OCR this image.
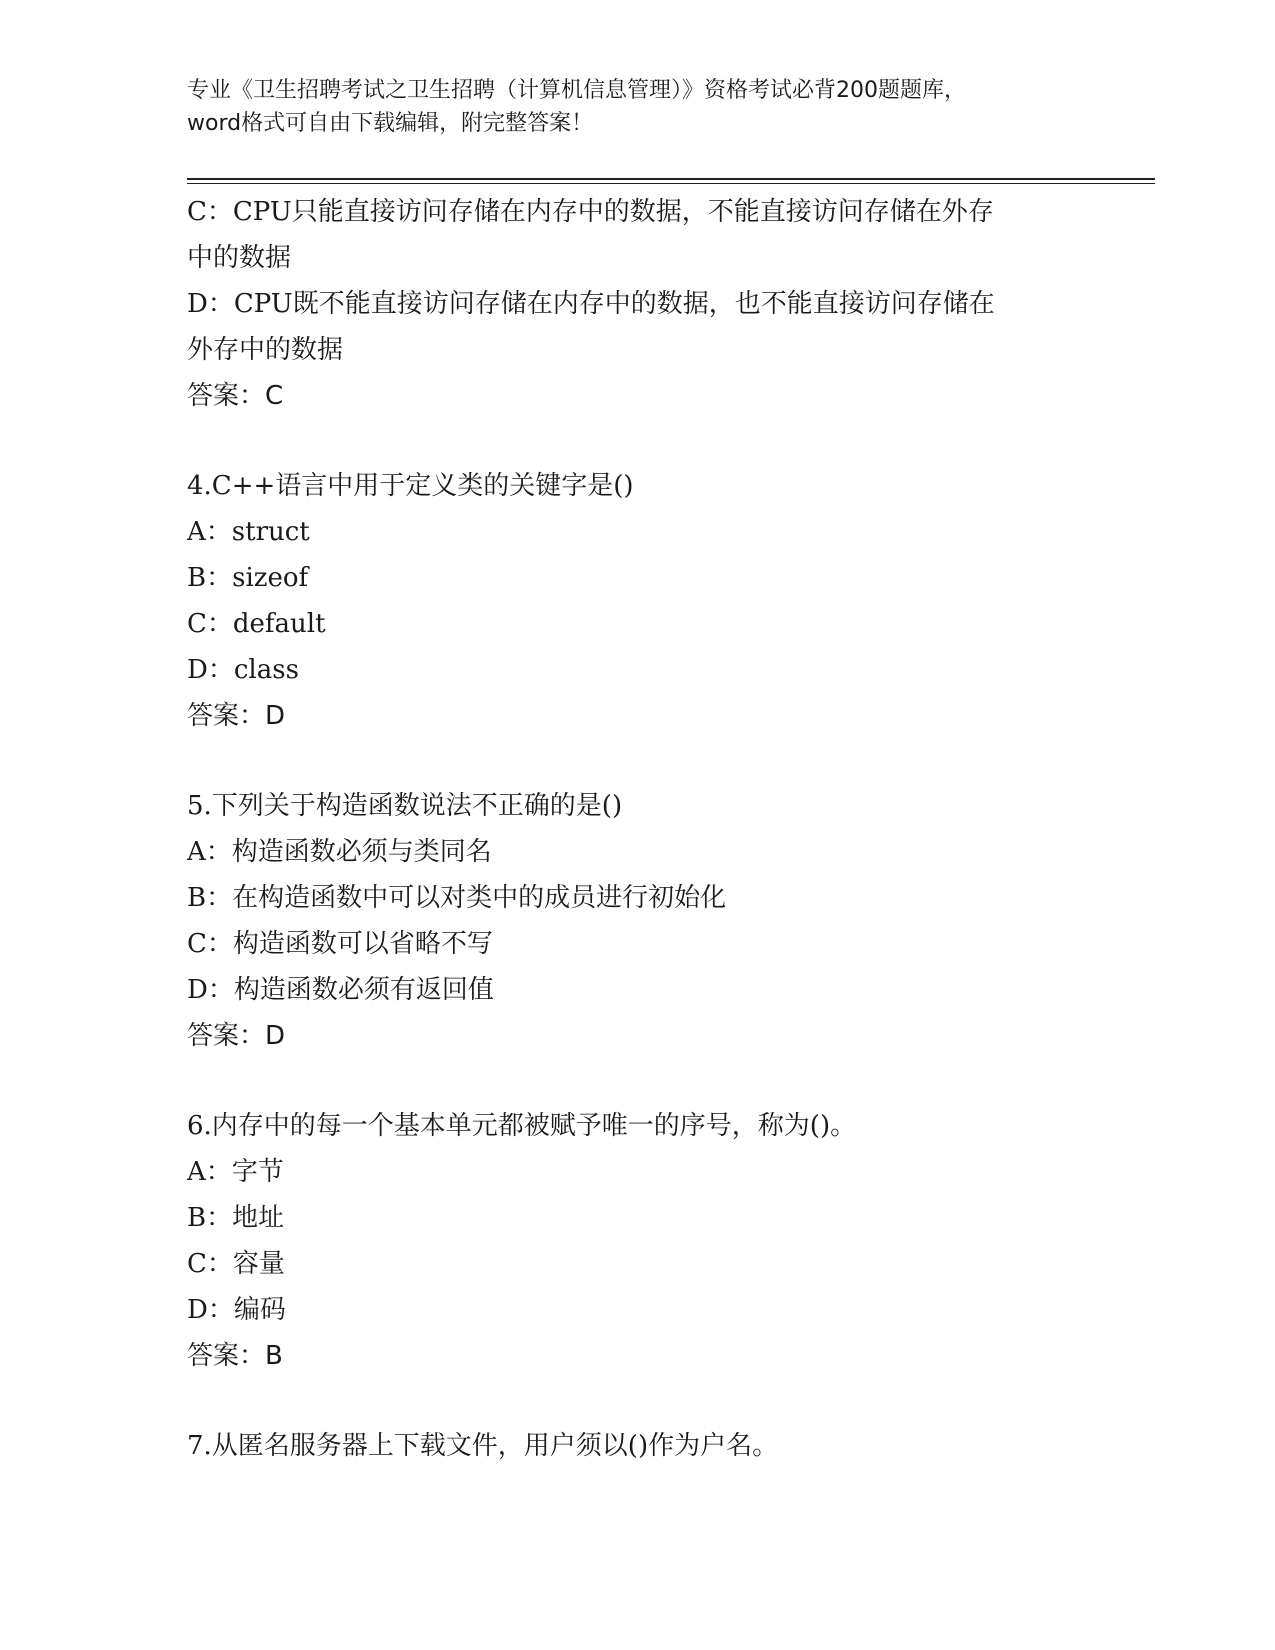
专业《卫生招聘考试之卫生招聘（计算机信息管理）》资格考试必背200题题库，
word格式可自由下载编辑，附完整答案！
C：CPU只能直接访问存储在内存中的数据，不能直接访问存储在外存
中的数据
D：CPU既不能直接访问存储在内存中的数据，也不能直接访问存储在
外存中的数据
答案：C
4.C++语言中用于定义类的关键字是()
A：struct
B：sizeof
C：default
D：class
答案：D
5.下列关于构造函数说法不正确的是()
A：构造函数必须与类同名
B：在构造函数中可以对类中的成员进行初始化
C：构造函数可以省略不写
D：构造函数必须有返回值
答案：D
6.内存中的每一个基本单元都被赋予唯一的序号，称为()。
A：字节
B：地址
C：容量
D：编码
答案：B
7.从匿名服务器上下载文件，用户须以()作为户名。
